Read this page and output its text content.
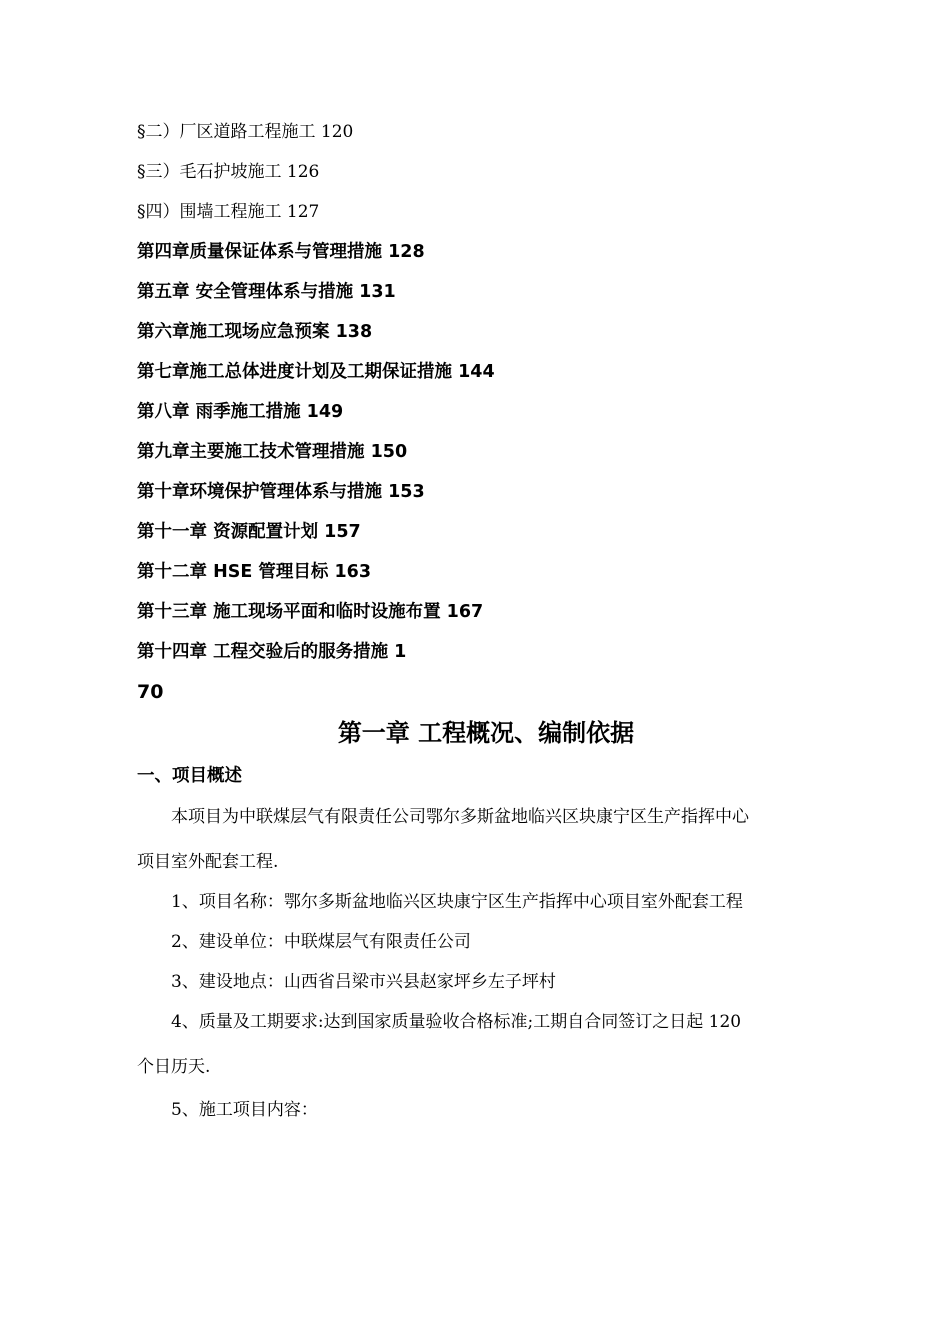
§二）厂区道路工程施工 120
§三）毛石护坡施工 126
§四）围墙工程施工 127
第四章质量保证体系与管理措施 128
第五章 安全管理体系与措施 131
第六章施工现场应急预案 138
第七章施工总体进度计划及工期保证措施 144
第八章 雨季施工措施 149
第九章主要施工技术管理措施 150
第十章环境保护管理体系与措施 153
第十一章 资源配置计划 157
第十二章 HSE 管理目标 163
第十三章 施工现场平面和临时设施布置 167
第十四章 工程交验后的服务措施 1
70
第一章 工程概况、编制依据
一、项目概述
本项目为中联煤层气有限责任公司鄂尔多斯盆地临兴区块康宁区生产指挥中心
项目室外配套工程.
1、项目名称：鄂尔多斯盆地临兴区块康宁区生产指挥中心项目室外配套工程
2、建设单位：中联煤层气有限责任公司
3、建设地点：山西省吕梁市兴县赵家坪乡左子坪村
4、质量及工期要求:达到国家质量验收合格标准;工期自合同签订之日起 120
个日历天.
5、施工项目内容：
